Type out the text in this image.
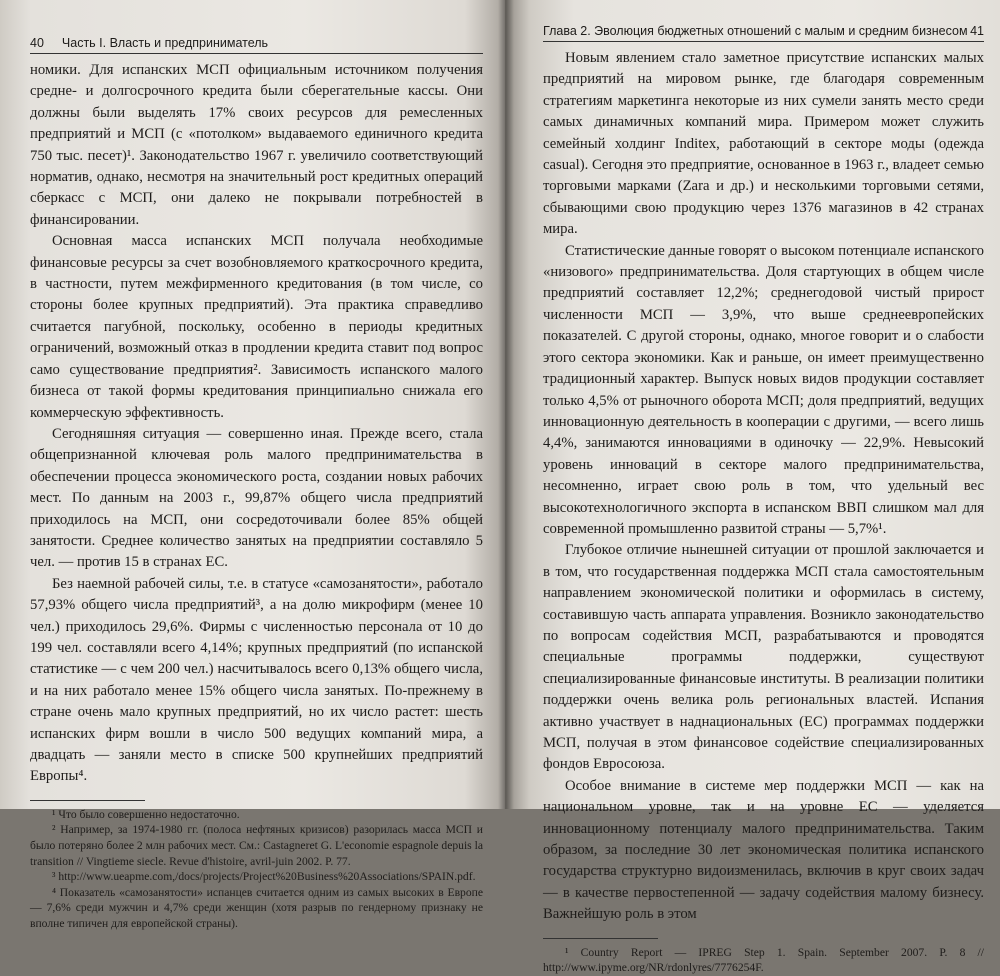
40 Часть I. Власть и предприниматель

номики. Для испанских МСП официальным источником получения средне- и долгосрочного кредита были сберегательные кассы. Они должны были выделять 17% своих ресурсов для ремесленных предприятий и МСП (с «потолком» выдаваемого единичного кредита 750 тыс. песет)¹. Законодательство 1967 г. увеличило соответствующий норматив, однако, несмотря на значительный рост кредитных операций сберкасс с МСП, они далеко не покрывали потребностей в финансировании.

Основная масса испанских МСП получала необходимые финансовые ресурсы за счет возобновляемого краткосрочного кредита, в частности, путем межфирменного кредитования (в том числе, со стороны более крупных предприятий). Эта практика справедливо считается пагубной, поскольку, особенно в периоды кредитных ограничений, возможный отказ в продлении кредита ставит под вопрос само существование предприятия². Зависимость испанского малого бизнеса от такой формы кредитования принципиально снижала его коммерческую эффективность.

Сегодняшняя ситуация — совершенно иная. Прежде всего, стала общепризнанной ключевая роль малого предпринимательства в обеспечении процесса экономического роста, создании новых рабочих мест. По данным на 2003 г., 99,87% общего числа предприятий приходилось на МСП, они сосредоточивали более 85% общей занятости. Среднее количество занятых на предприятии составляло 5 чел. — против 15 в странах ЕС.

Без наемной рабочей силы, т.е. в статусе «самозанятости», работало 57,93% общего числа предприятий³, а на долю микрофирм (менее 10 чел.) приходилось 29,6%. Фирмы с численностью персонала от 10 до 199 чел. составляли всего 4,14%; крупных предприятий (по испанской статистике — с чем 200 чел.) насчитывалось всего 0,13% общего числа, и на них работало менее 15% общего числа занятых. По-прежнему в стране очень мало крупных предприятий, но их число растет: шесть испанских фирм вошли в число 500 ведущих компаний мира, а двадцать — заняли место в списке 500 крупнейших предприятий Европы⁴.

¹ Что было совершенно недостаточно.

² Например, за 1974-1980 гг. (полоса нефтяных кризисов) разорилась масса МСП и было потеряно более 2 млн рабочих мест. См.: Castagneret G. L'economie espagnole depuis la transition // Vingtieme siecle. Revue d'histoire, avril-juin 2002. P. 77.

³ http://www.ueapme.com,/docs/projects/Project%20Business%20Associations/SPAIN.pdf.

⁴ Показатель «самозанятости» испанцев считается одним из самых высоких в Европе — 7,6% среди мужчин и 4,7% среди женщин (хотя разрыв по гендерному признаку не вполне типичен для европейской страны).

Глава 2. Эволюция бюджетных отношений с малым и средним бизнесом 41

Новым явлением стало заметное присутствие испанских малых предприятий на мировом рынке, где благодаря современным стратегиям маркетинга некоторые из них сумели занять место среди самых динамичных компаний мира. Примером может служить семейный холдинг Inditex, работающий в секторе моды (одежда casual). Сегодня это предприятие, основанное в 1963 г., владеет семью торговыми марками (Zara и др.) и несколькими торговыми сетями, сбывающими свою продукцию через 1376 магазинов в 42 странах мира.

Статистические данные говорят о высоком потенциале испанского «низового» предпринимательства. Доля стартующих в общем числе предприятий составляет 12,2%; среднегодовой чистый прирост численности МСП — 3,9%, что выше среднеевропейских показателей. С другой стороны, однако, многое говорит и о слабости этого сектора экономики. Как и раньше, он имеет преимущественно традиционный характер. Выпуск новых видов продукции составляет только 4,5% от рыночного оборота МСП; доля предприятий, ведущих инновационную деятельность в кооперации с другими, — всего лишь 4,4%, занимаются инновациями в одиночку — 22,9%. Невысокий уровень инноваций в секторе малого предпринимательства, несомненно, играет свою роль в том, что удельный вес высокотехнологичного экспорта в испанском ВВП слишком мал для современной промышленно развитой страны — 5,7%¹.

Глубокое отличие нынешней ситуации от прошлой заключается и в том, что государственная поддержка МСП стала самостоятельным направлением экономической политики и оформилась в систему, составившую часть аппарата управления. Возникло законодательство по вопросам содействия МСП, разрабатываются и проводятся специальные программы поддержки, существуют специализированные финансовые институты. В реализации политики поддержки очень велика роль региональных властей. Испания активно участвует в наднациональных (ЕС) программах поддержки МСП, получая в этом финансовое содействие специализированных фондов Евросоюза.

Особое внимание в системе мер поддержки МСП — как на национальном уровне, так и на уровне ЕС — уделяется инновационному потенциалу малого предпринимательства. Таким образом, за последние 30 лет экономическая политика испанского государства структурно видоизменилась, включив в круг своих задач — в качестве первостепенной — задачу содействия малому бизнесу. Важнейшую роль в этом

¹ Country Report — IPREG Step 1. Spain. September 2007. P. 8 // http://www.ipyme.org/NR/rdonlyres/7776254F.
